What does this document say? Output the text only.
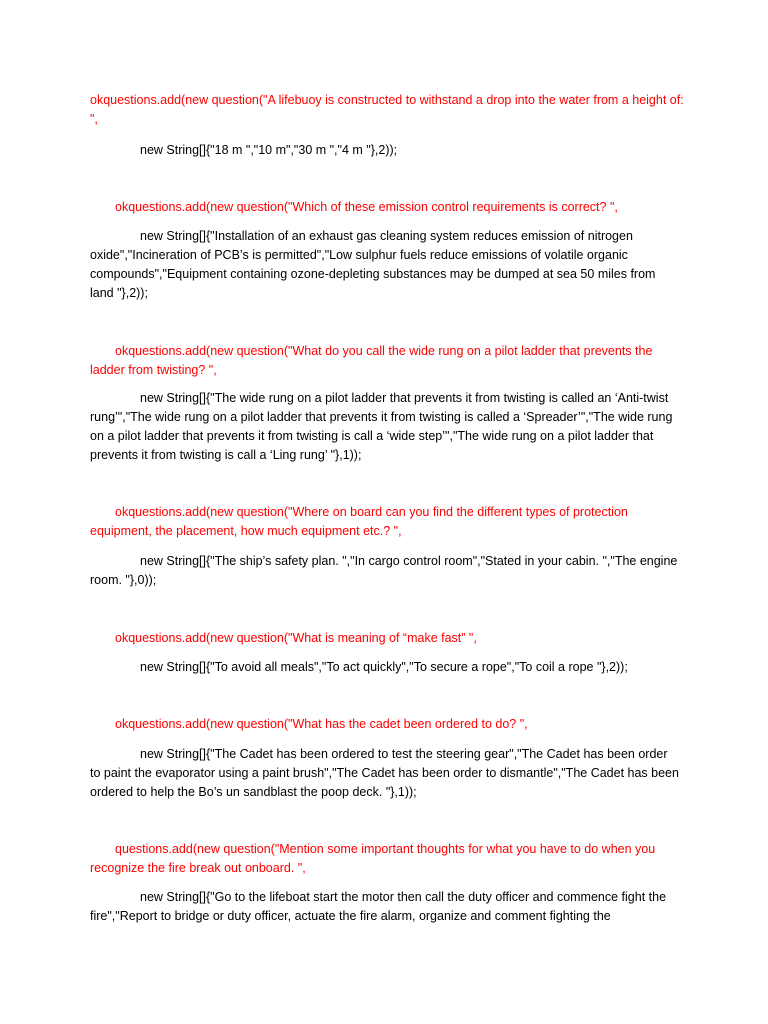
okquestions.add(new question("A lifebuoy is constructed to withstand a drop into the water from a height of: ",

new String[]{"18 m ","10 m","30 m ","4 m "},2));

okquestions.add(new question("Which of these emission control requirements is correct? ",

new String[]{"Installation of an exhaust gas cleaning system reduces emission of nitrogen oxide","Incineration of PCB’s is permitted","Low sulphur fuels reduce emissions of volatile organic compounds","Equipment containing ozone-depleting substances may be dumped at sea 50 miles from land "},2));

okquestions.add(new question("What do you call the wide rung on a pilot ladder that prevents the ladder from twisting? ",

new String[]{"The wide rung on a pilot ladder that prevents it from twisting is called an ‘Anti-twist rung’","The wide rung on a pilot ladder that prevents it from twisting is called a ‘Spreader’","The wide rung on a pilot ladder that prevents it from twisting is call a ‘wide step’","The wide rung on a pilot ladder that prevents it from twisting is call a ‘Ling rung’ "},1));

okquestions.add(new question("Where on board can you find the different types of protection equipment, the placement, how much equipment etc.? ",

new String[]{"The ship’s safety plan. ","In cargo control room","Stated in your cabin. ","The engine room. "},0));

okquestions.add(new question("What is meaning of “make fast” ",

new String[]{"To avoid all meals","To act quickly","To secure a rope","To coil a rope "},2));

okquestions.add(new question("What has the cadet been ordered to do? ",

new String[]{"The Cadet has been ordered to test the steering gear","The Cadet has been order to paint the evaporator using a paint brush","The Cadet has been order to dismantle","The Cadet has been ordered to help the Bo’s un sandblast the poop deck. "},1));

questions.add(new question("Mention some important thoughts for what you have to do when you recognize the fire break out onboard. ",

new String[]{"Go to the lifeboat start the motor then call the duty officer and commence fight the fire","Report to bridge or duty officer, actuate the fire alarm, organize and comment fighting the
